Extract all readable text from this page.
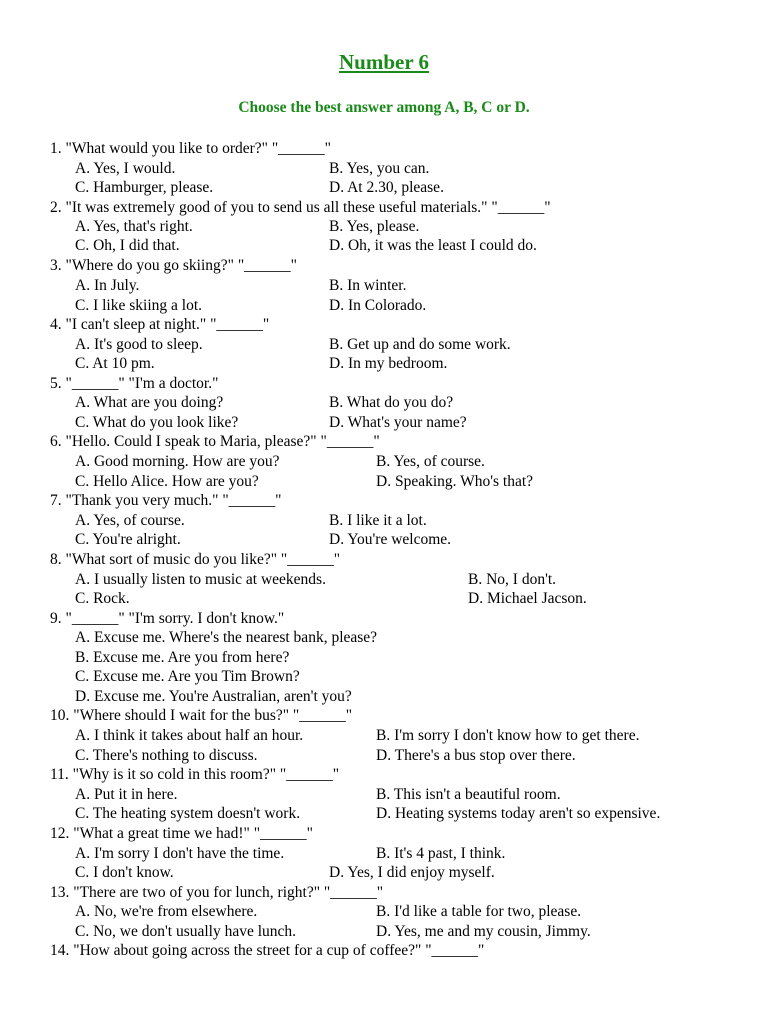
Number 6
Choose the best answer among A, B, C or D.
1. "What would you like to order?" "______"
A. Yes, I would.	B. Yes, you can.
C. Hamburger, please.	D. At 2.30, please.
2. "It was extremely good of you to send us all these useful materials." "______"
A. Yes, that's right.	B. Yes, please.
C. Oh, I did that.	D. Oh, it was the least I could do.
3. "Where do you go skiing?" "______"
A. In July.	B. In winter.
C. I like skiing a lot.	D. In Colorado.
4. "I can't sleep at night." "______"
A. It's good to sleep.	B. Get up and do some work.
C. At 10 pm.	D. In my bedroom.
5. "______" "I'm a doctor."
A. What are you doing?	B. What do you do?
C. What do you look like?	D. What's your name?
6. "Hello. Could I speak to Maria, please?" "______"
A. Good morning. How are you?	B. Yes, of course.
C. Hello Alice. How are you?	D. Speaking. Who's that?
7. "Thank you very much." "______"
A. Yes, of course.	B. I like it a lot.
C. You're alright.	D. You're welcome.
8. "What sort of music do you like?" "______"
A. I usually listen to music at weekends.	B. No, I don't.
C. Rock.	D. Michael Jacson.
9. "______" "I'm sorry. I don't know."
A. Excuse me. Where's the nearest bank, please?
B. Excuse me. Are you from here?
C. Excuse me. Are you Tim Brown?
D. Excuse me. You're Australian, aren't you?
10. "Where should I wait for the bus?" "______"
A. I think it takes about half an hour.	B. I'm sorry I don't know how to get there.
C. There's nothing to discuss.	D. There's a bus stop over there.
11. "Why is it so cold in this room?" "______"
A. Put it in here.	B. This isn't a beautiful room.
C. The heating system doesn't work.	D. Heating systems today aren't so expensive.
12. "What a great time we had!" "______"
A. I'm sorry I don't have the time.	B. It's 4 past, I think.
C. I don't know.	D. Yes, I did enjoy myself.
13. "There are two of you for lunch, right?" "______"
A. No, we're from elsewhere.	B. I'd like a table for two, please.
C. No, we don't usually have lunch.	D. Yes, me and my cousin, Jimmy.
14. "How about going across the street for a cup of coffee?" "______"
